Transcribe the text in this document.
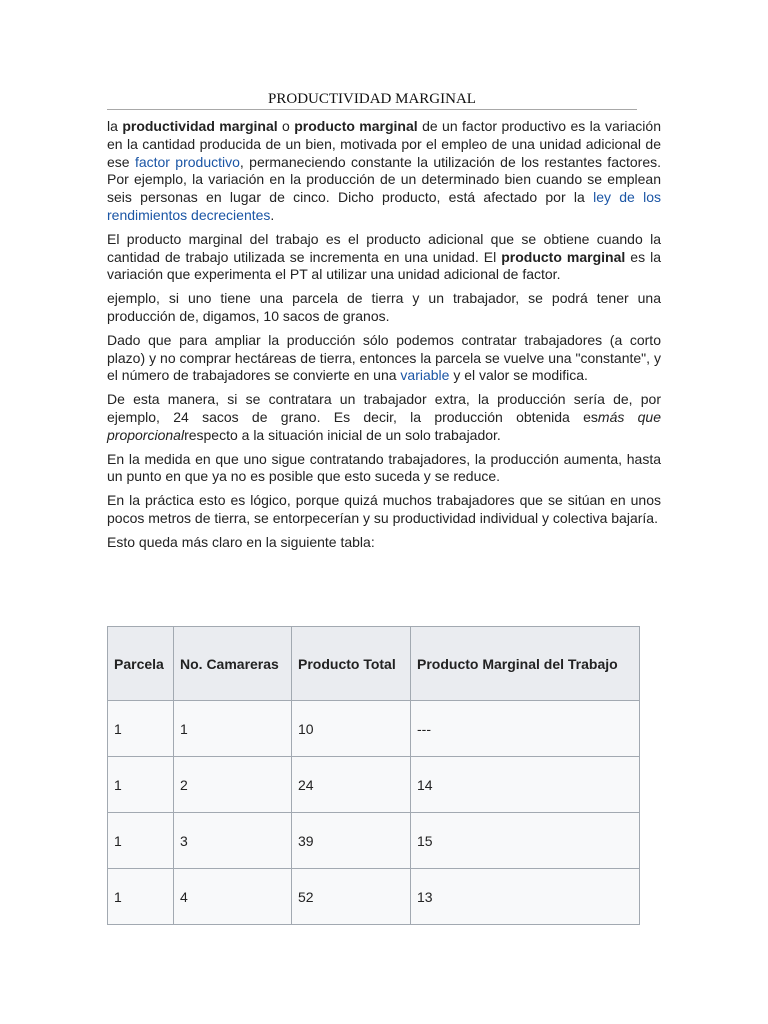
PRODUCTIVIDAD MARGINAL

la productividad marginal o producto marginal de un factor productivo es la variación en la cantidad producida de un bien, motivada por el empleo de una unidad adicional de ese factor productivo, permaneciendo constante la utilización de los restantes factores. Por ejemplo, la variación en la producción de un determinado bien cuando se emplean seis personas en lugar de cinco. Dicho producto, está afectado por la ley de los rendimientos decrecientes.

El producto marginal del trabajo es el producto adicional que se obtiene cuando la cantidad de trabajo utilizada se incrementa en una unidad. El producto marginal es la variación que experimenta el PT al utilizar una unidad adicional de factor.

ejemplo, si uno tiene una parcela de tierra y un trabajador, se podrá tener una producción de, digamos, 10 sacos de granos.

Dado que para ampliar la producción sólo podemos contratar trabajadores (a corto plazo) y no comprar hectáreas de tierra, entonces la parcela se vuelve una "constante", y el número de trabajadores se convierte en una variable y el valor se modifica.

De esta manera, si se contratara un trabajador extra, la producción sería de, por ejemplo, 24 sacos de grano. Es decir, la producción obtenida esmás que proporcionalrespecto a la situación inicial de un solo trabajador.

En la medida en que uno sigue contratando trabajadores, la producción aumenta, hasta un punto en que ya no es posible que esto suceda y se reduce.

En la práctica esto es lógico, porque quizá muchos trabajadores que se sitúan en unos pocos metros de tierra, se entorpecerían y su productividad individual y colectiva bajaría.

Esto queda más claro en la siguiente tabla:

Parcela	No. Camareras	Producto Total	Producto Marginal del Trabajo
1	1	10	---
1	2	24	14
1	3	39	15
1	4	52	13
